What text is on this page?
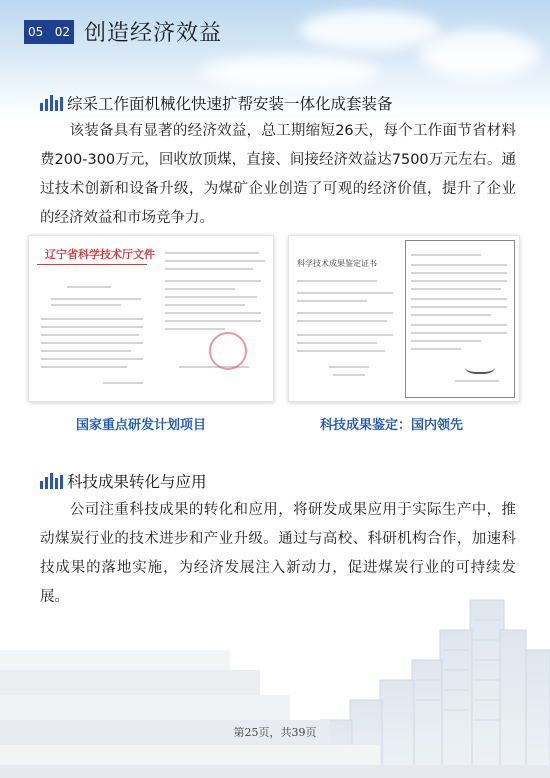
05 02 创造经济效益
综采工作面机械化快速扩帮安装一体化成套装备
　　该装备具有显著的经济效益，总工期缩短26天，每个工作面节省材料费200-300万元，回收放顶煤，直接、间接经济效益达7500万元左右。通过技术创新和设备升级，为煤矿企业创造了可观的经济价值，提升了企业的经济效益和市场竞争力。
辽宁省科学技术厅文件
科学技术成果鉴定证书
国家重点研发计划项目	科技成果鉴定：国内领先
科技成果转化与应用
　　公司注重科技成果的转化和应用，将研发成果应用于实际生产中，推动煤炭行业的技术进步和产业升级。通过与高校、科研机构合作，加速科技成果的落地实施，为经济发展注入新动力，促进煤炭行业的可持续发展。
第25页，共39页
